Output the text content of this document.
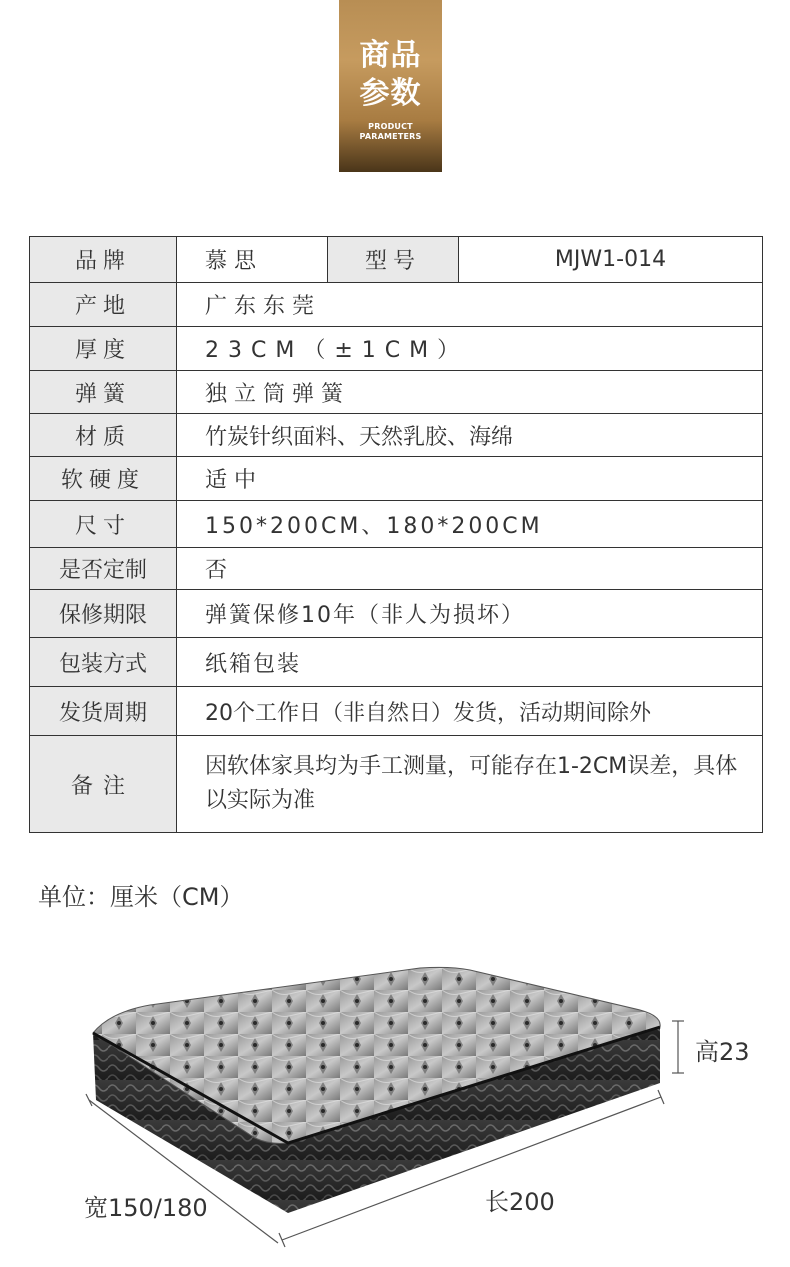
商品
参数
PRODUCT
PARAMETERS
品牌	慕思	型号	MJW1-014
产地	广东东莞		
厚度	23CM（±1CM）		
弹簧	独立筒弹簧		
材质	竹炭针织面料、天然乳胶、海绵		
软硬度	适中		
尺寸	150*200CM、180*200CM		
是否定制	否		
保修期限	弹簧保修10年（非人为损坏）		
包装方式	纸箱包装		
发货周期	20个工作日（非自然日）发货，活动期间除外		
备注	因软体家具均为手工测量，可能存在1-2CM误差，具体以实际为准		
单位：厘米（CM）
高23
长200
宽150/180
